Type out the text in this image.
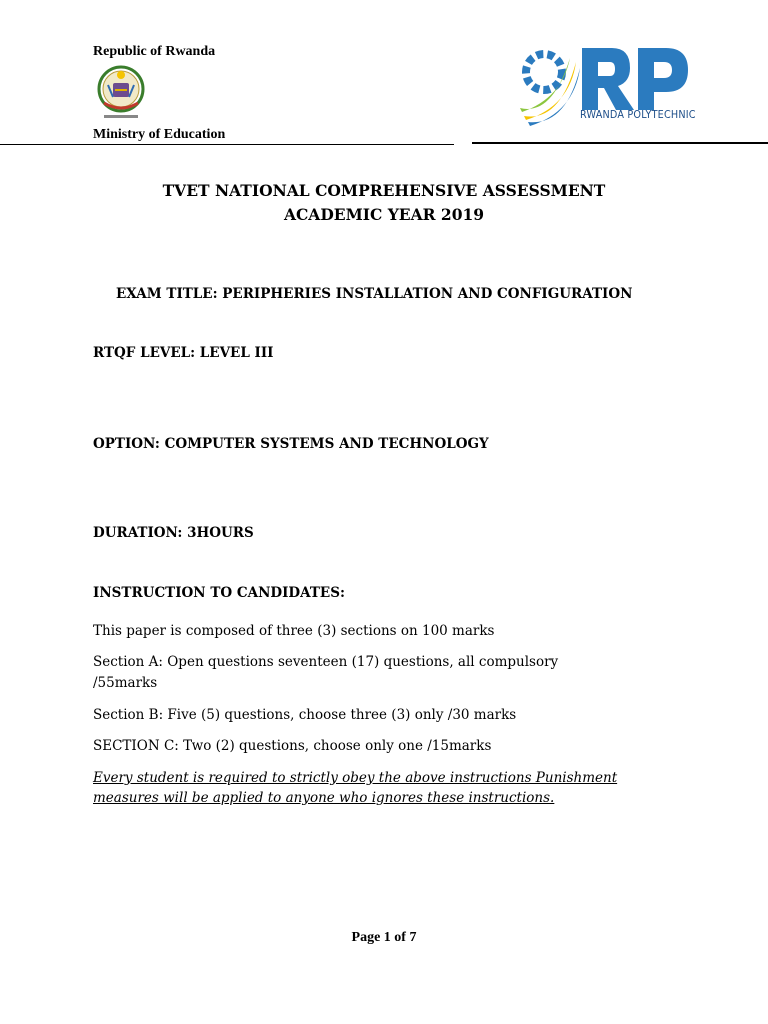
Republic of Rwanda
Ministry of Education
RWANDA POLYTECHNIC
TVET NATIONAL COMPREHENSIVE ASSESSMENT
ACADEMIC YEAR 2019
EXAM TITLE: PERIPHERIES INSTALLATION AND CONFIGURATION
RTQF LEVEL: LEVEL III
OPTION: COMPUTER SYSTEMS AND TECHNOLOGY
DURATION: 3HOURS
INSTRUCTION TO CANDIDATES:
This paper is composed of three (3) sections on 100 marks
Section A: Open questions seventeen (17) questions, all compulsory
/55marks
Section B: Five (5) questions, choose three (3) only /30 marks
SECTION C: Two (2) questions, choose only one /15marks
Every student is required to strictly obey the above instructions Punishment
measures will be applied to anyone who ignores these instructions.
Page 1 of 7
